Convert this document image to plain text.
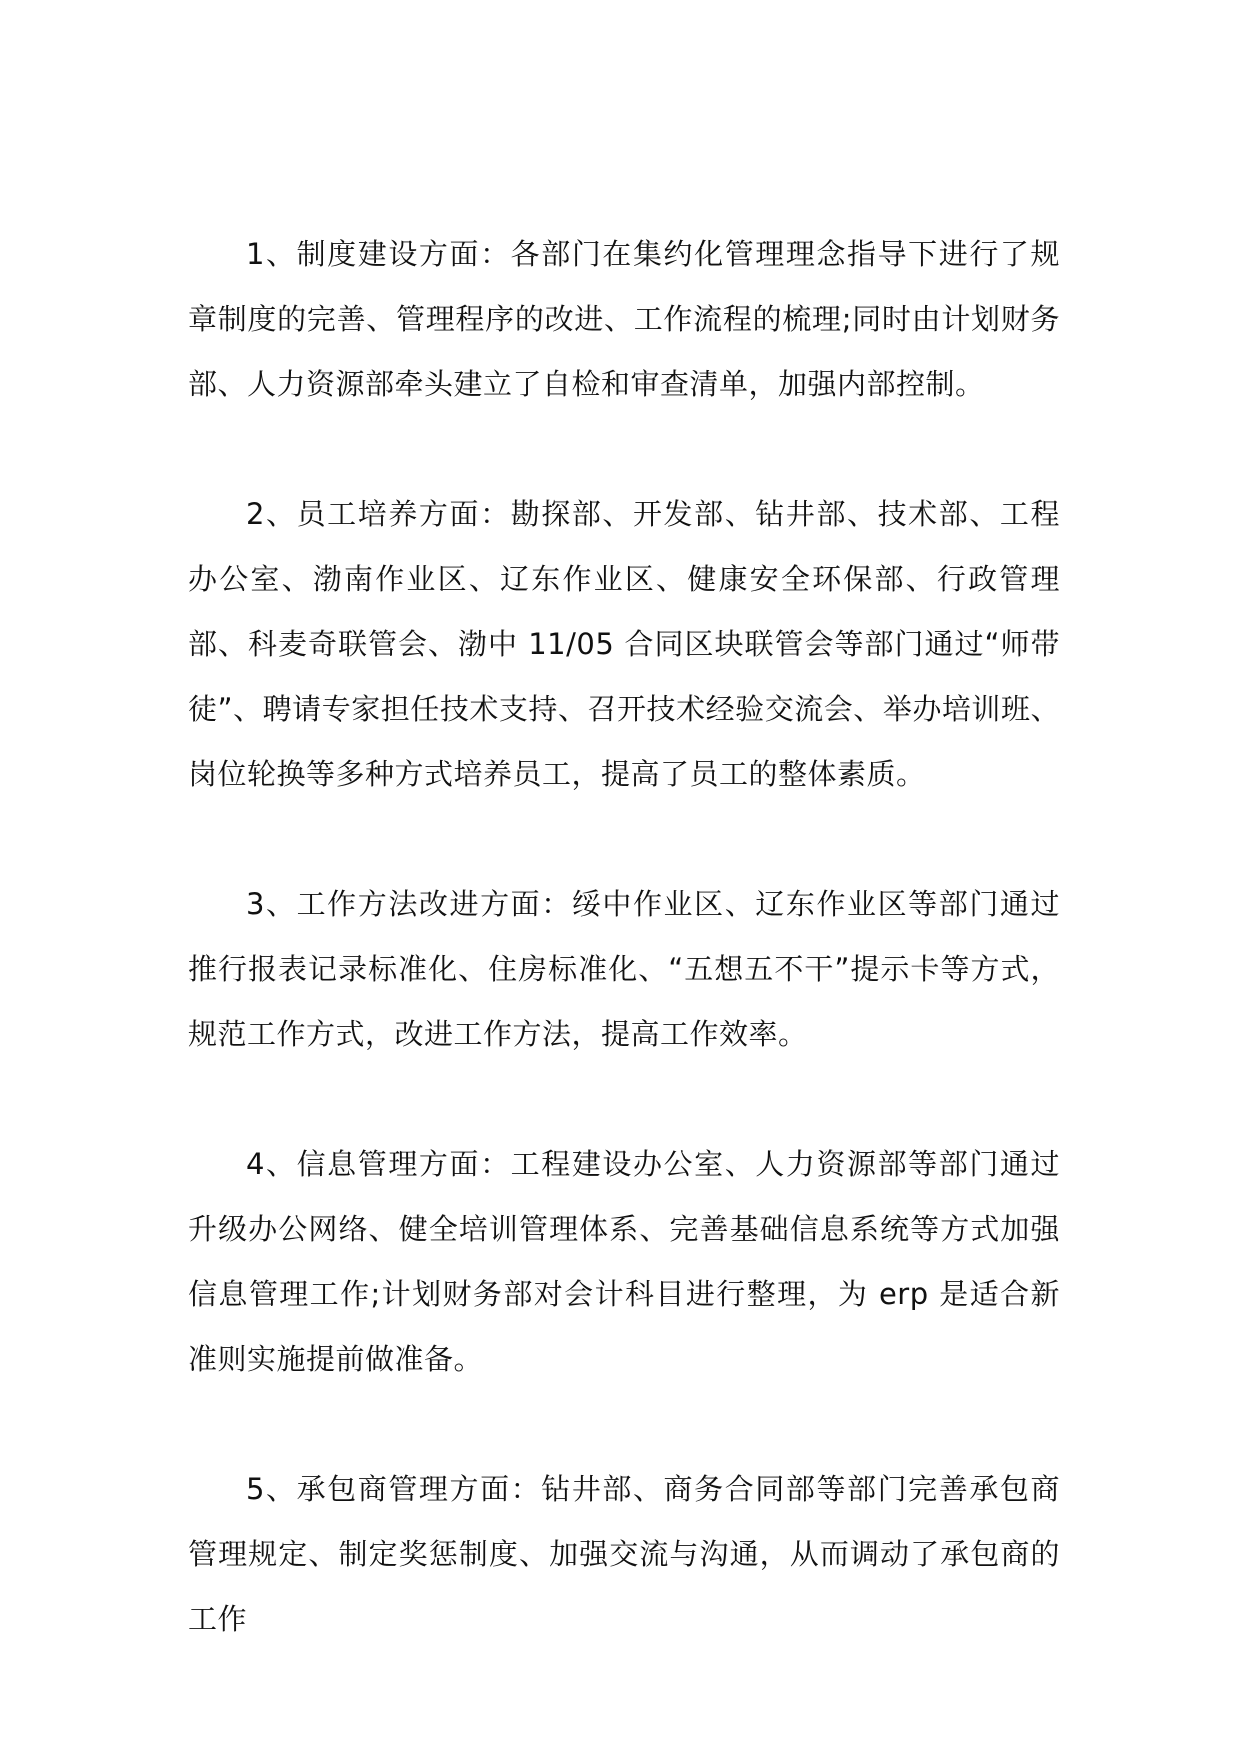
1、制度建设方面：各部门在集约化管理理念指导下进行了规章制度的完善、管理程序的改进、工作流程的梳理;同时由计划财务部、人力资源部牵头建立了自检和审查清单，加强内部控制。

2、员工培养方面：勘探部、开发部、钻井部、技术部、工程办公室、渤南作业区、辽东作业区、健康安全环保部、行政管理部、科麦奇联管会、渤中 11/05 合同区块联管会等部门通过“师带徒”、聘请专家担任技术支持、召开技术经验交流会、举办培训班、岗位轮换等多种方式培养员工，提高了员工的整体素质。

3、工作方法改进方面：绥中作业区、辽东作业区等部门通过推行报表记录标准化、住房标准化、“五想五不干”提示卡等方式，规范工作方式，改进工作方法，提高工作效率。

4、信息管理方面：工程建设办公室、人力资源部等部门通过升级办公网络、健全培训管理体系、完善基础信息系统等方式加强信息管理工作;计划财务部对会计科目进行整理，为 erp 是适合新准则实施提前做准备。

5、承包商管理方面：钻井部、商务合同部等部门完善承包商管理规定、制定奖惩制度、加强交流与沟通，从而调动了承包商的工作
